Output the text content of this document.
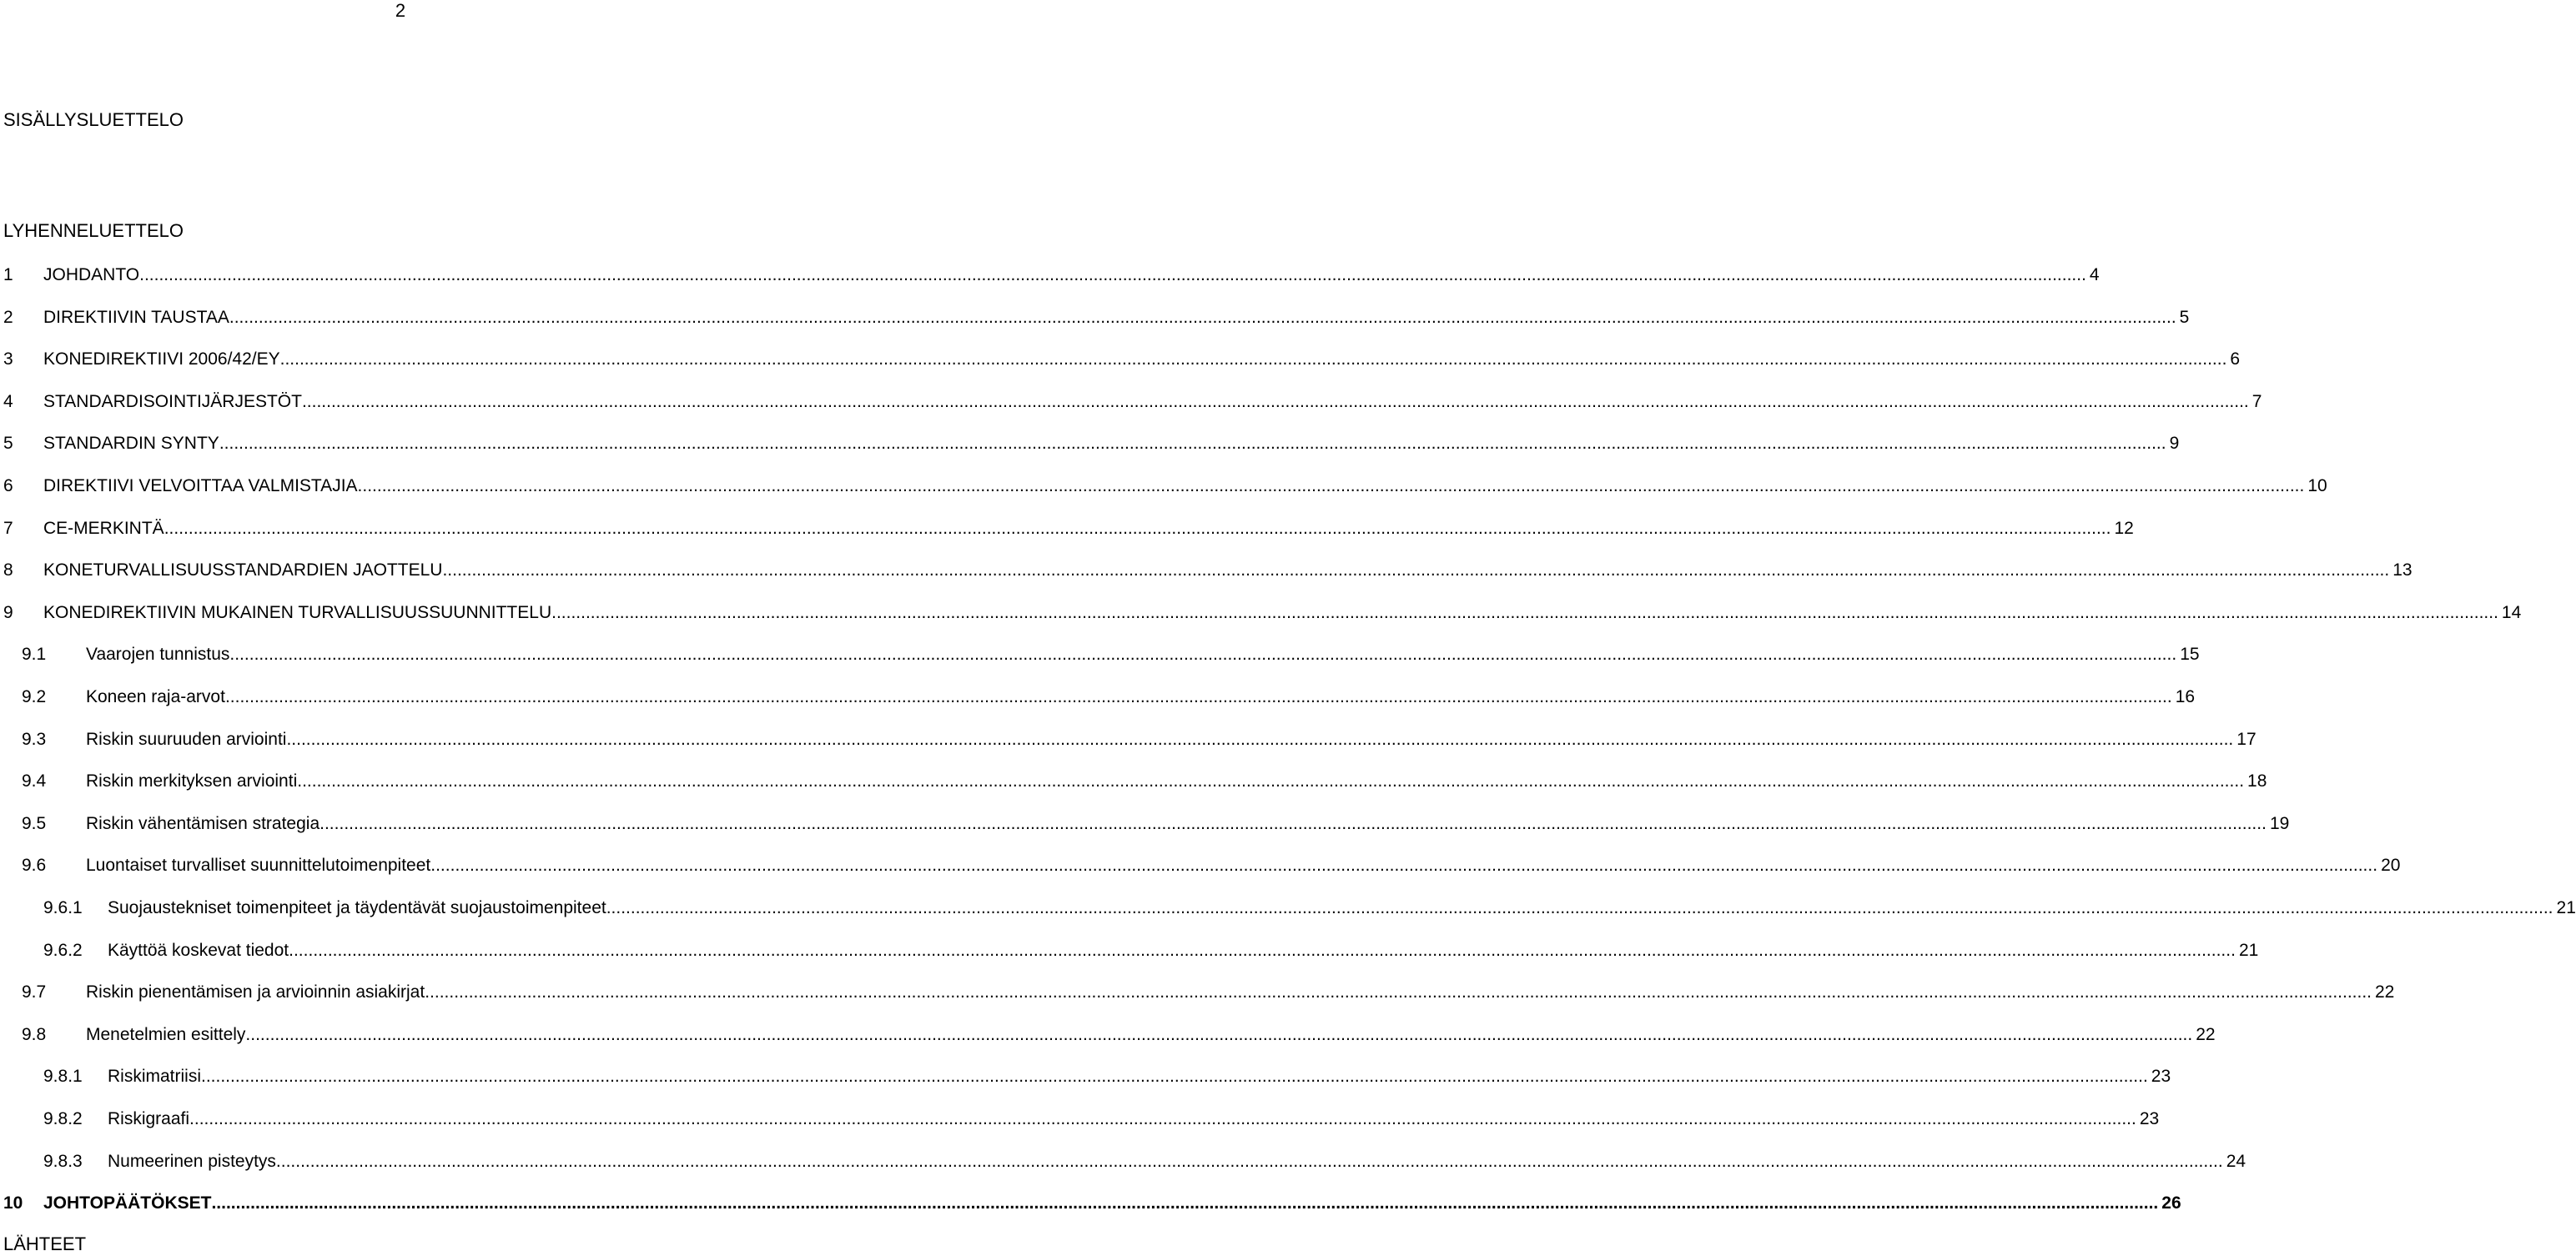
2
SISÄLLYSLUETTELO
LYHENNELUETTELO
1 JOHDANTO ................................................................................................................................................................................................................................................................................................................................................................................................................ 4
2 DIREKTIIVIN TAUSTAA ................................................................................................................................................................................................................................................................................................................................................................................................................ 5
3 KONEDIREKTIIVI 2006/42/EY ................................................................................................................................................................................................................................................................................................................................................................................................................ 6
4 STANDARDISOINTIJÄRJESTÖT ................................................................................................................................................................................................................................................................................................................................................................................................................ 7
5 STANDARDIN SYNTY ................................................................................................................................................................................................................................................................................................................................................................................................................ 9
6 DIREKTIIVI VELVOITTAA VALMISTAJIA ................................................................................................................................................................................................................................................................................................................................................................................................................ 10
7 CE-MERKINTÄ ................................................................................................................................................................................................................................................................................................................................................................................................................ 12
8 KONETURVALLISUUSSTANDARDIEN JAOTTELU ................................................................................................................................................................................................................................................................................................................................................................................................................ 13
9 KONEDIREKTIIVIN MUKAINEN TURVALLISUUSSUUNNITTELU ................................................................................................................................................................................................................................................................................................................................................................................................................ 14
9.1 Vaarojen tunnistus ................................................................................................................................................................................................................................................................................................................................................................................................................ 15
9.2 Koneen raja-arvot ................................................................................................................................................................................................................................................................................................................................................................................................................ 16
9.3 Riskin suuruuden arviointi ................................................................................................................................................................................................................................................................................................................................................................................................................ 17
9.4 Riskin merkityksen arviointi ................................................................................................................................................................................................................................................................................................................................................................................................................ 18
9.5 Riskin vähentämisen strategia ................................................................................................................................................................................................................................................................................................................................................................................................................ 19
9.6 Luontaiset turvalliset suunnittelutoimenpiteet ................................................................................................................................................................................................................................................................................................................................................................................................................ 20
9.6.1 Suojaustekniset toimenpiteet ja täydentävät suojaustoimenpiteet ................................................................................................................................................................................................................................................................................................................................................................................................................ 21
9.6.2 Käyttöä koskevat tiedot ................................................................................................................................................................................................................................................................................................................................................................................................................ 21
9.7 Riskin pienentämisen ja arvioinnin asiakirjat ................................................................................................................................................................................................................................................................................................................................................................................................................ 22
9.8 Menetelmien esittely ................................................................................................................................................................................................................................................................................................................................................................................................................ 22
9.8.1 Riskimatriisi ................................................................................................................................................................................................................................................................................................................................................................................................................ 23
9.8.2 Riskigraafi ................................................................................................................................................................................................................................................................................................................................................................................................................ 23
9.8.3 Numeerinen pisteytys ................................................................................................................................................................................................................................................................................................................................................................................................................ 24
10 JOHTOPÄÄTÖKSET ................................................................................................................................................................................................................................................................................................................................................................................................................ 26
LÄHTEET
